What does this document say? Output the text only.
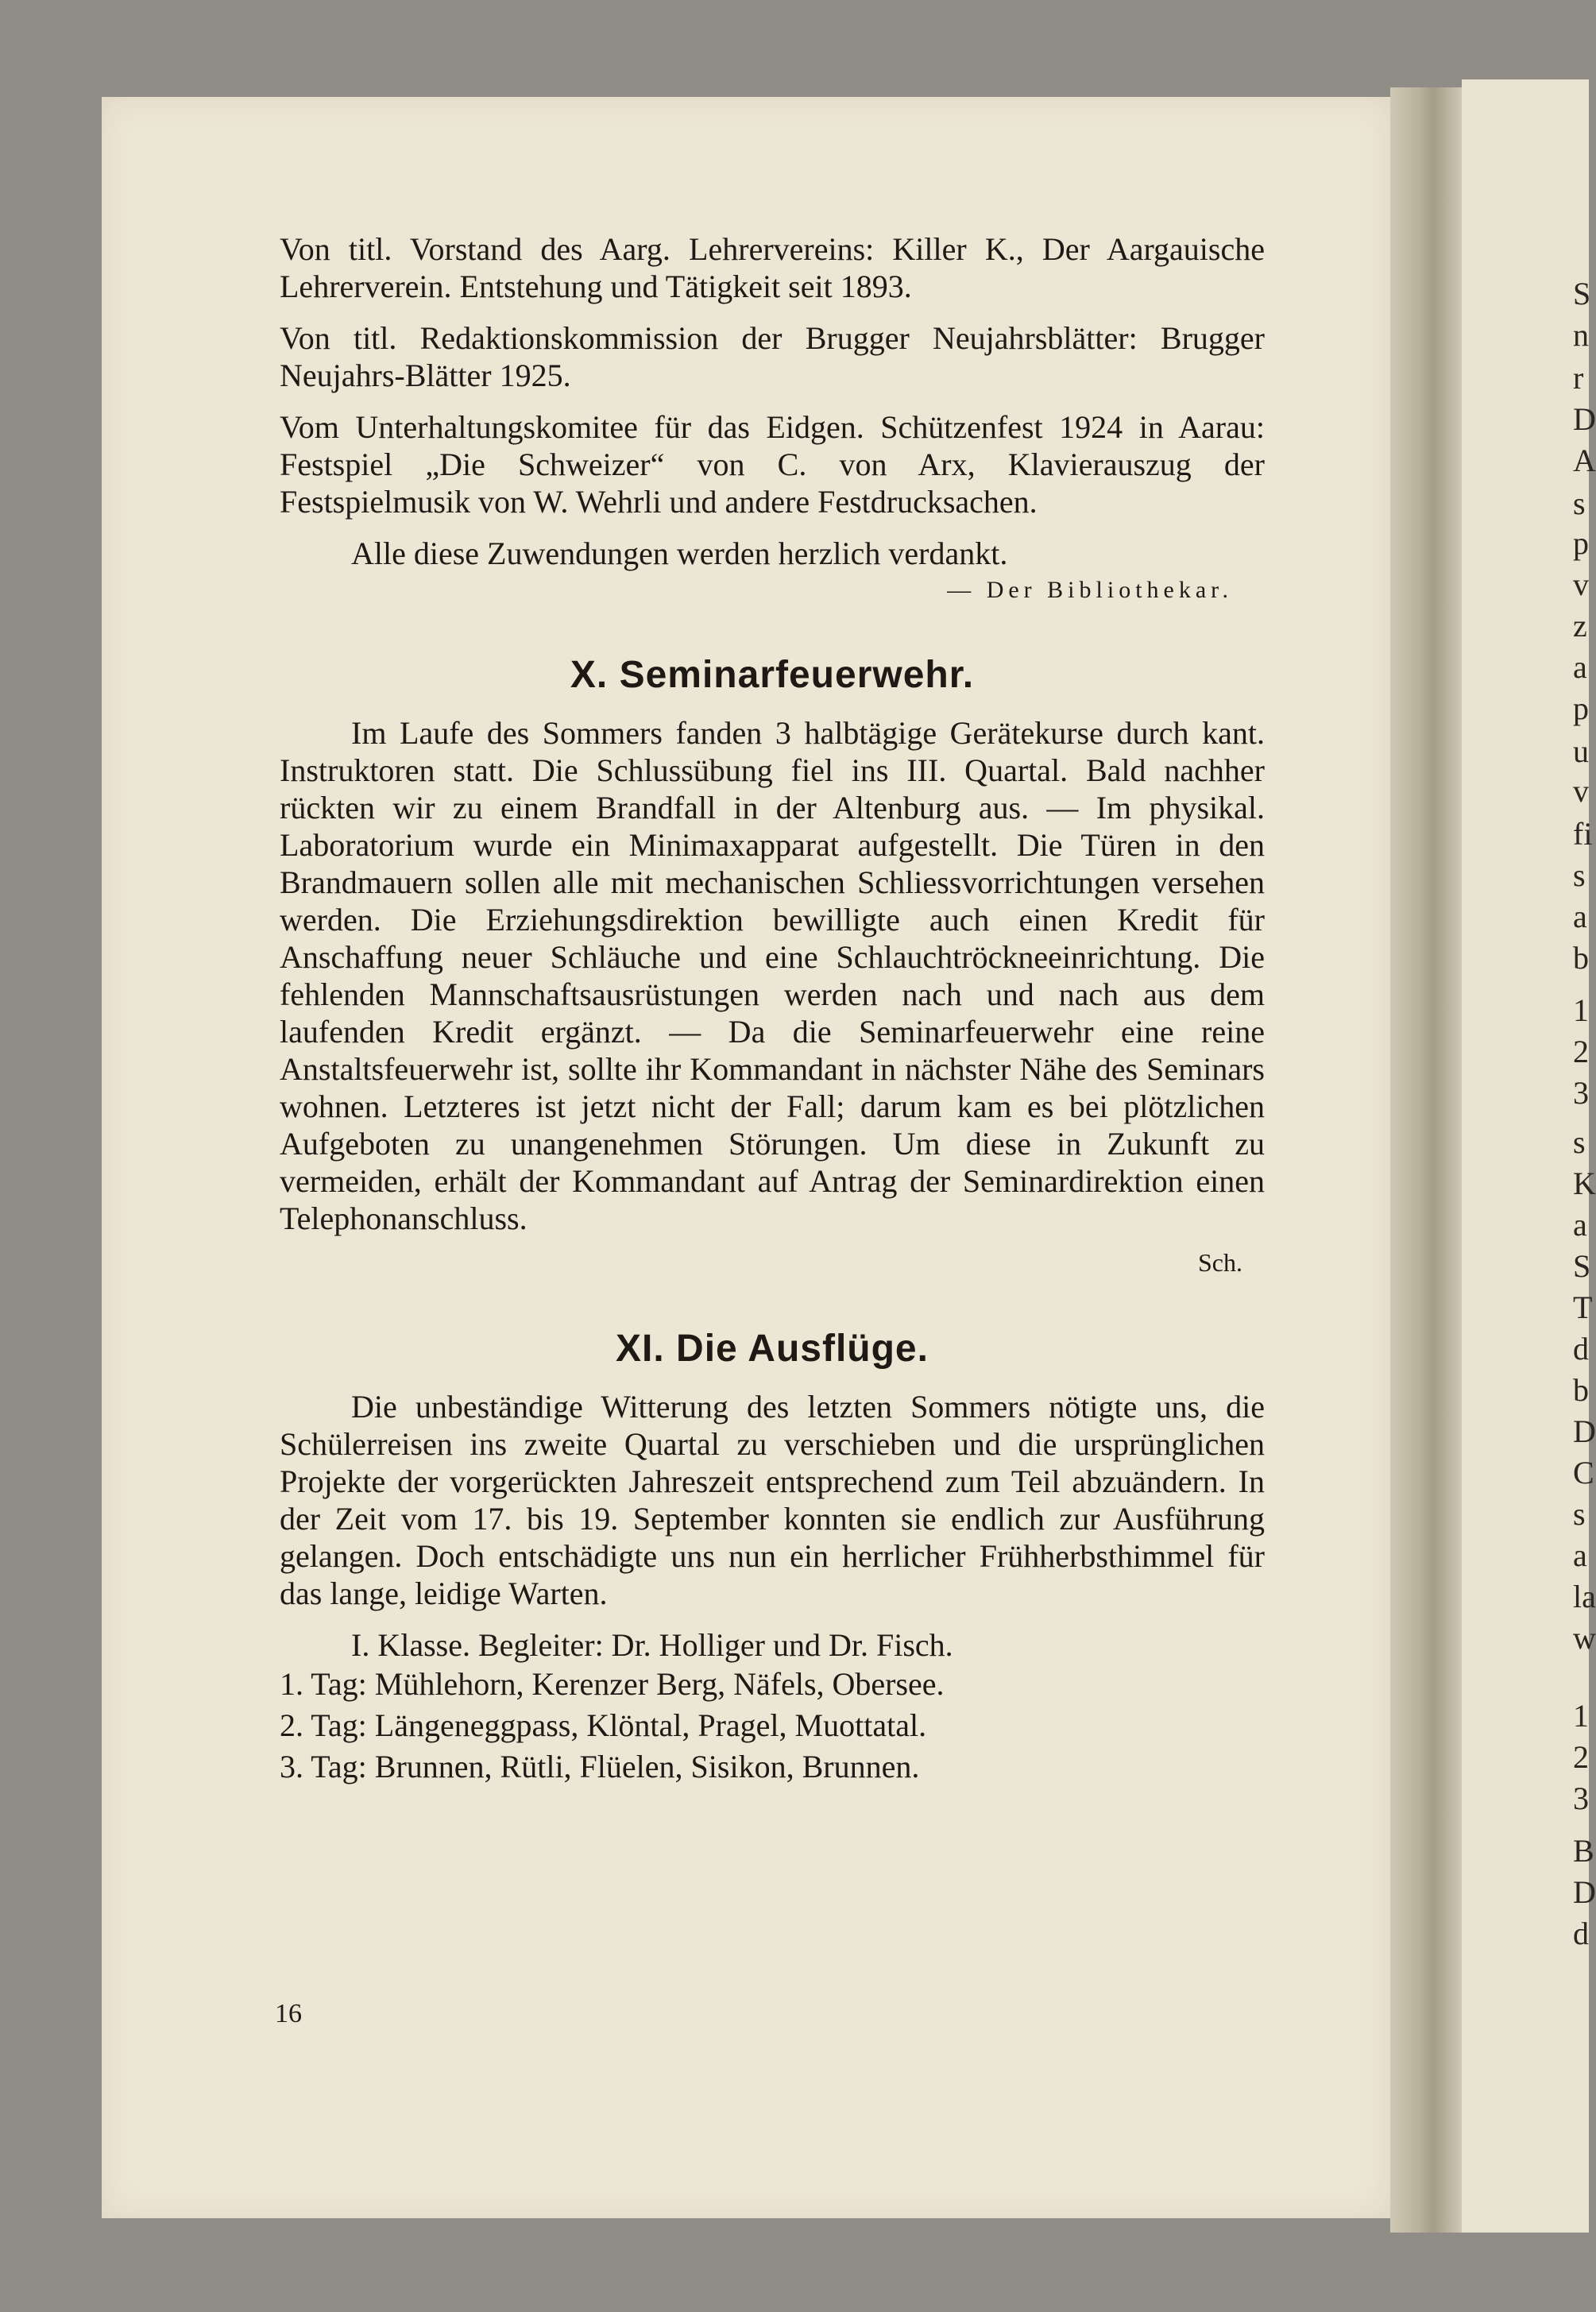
Von titl. Vorstand des Aarg. Lehrervereins: Killer K., Der Aargauische Lehrerverein. Entstehung und Tätigkeit seit 1893.

Von titl. Redaktionskommission der Brugger Neujahrsblätter: Brugger Neujahrs-Blätter 1925.

Vom Unterhaltungskomitee für das Eidgen. Schützenfest 1924 in Aarau: Festspiel „Die Schweizer“ von C. von Arx, Klavierauszug der Festspielmusik von W. Wehrli und andere Festdrucksachen.

Alle diese Zuwendungen werden herzlich verdankt.

— Der Bibliothekar.

X. Seminarfeuerwehr.

Im Laufe des Sommers fanden 3 halbtägige Gerätekurse durch kant. Instruktoren statt. Die Schlussübung fiel ins III. Quartal. Bald nachher rückten wir zu einem Brandfall in der Altenburg aus. — Im physikal. Laboratorium wurde ein Minimaxapparat aufgestellt. Die Türen in den Brandmauern sollen alle mit mechanischen Schliessvorrichtungen versehen werden. Die Erziehungsdirektion bewilligte auch einen Kredit für Anschaffung neuer Schläuche und eine Schlauchtröckneeinrichtung. Die fehlenden Mannschaftsausrüstungen werden nach und nach aus dem laufenden Kredit ergänzt. — Da die Seminarfeuerwehr eine reine Anstaltsfeuerwehr ist, sollte ihr Kommandant in nächster Nähe des Seminars wohnen. Letzteres ist jetzt nicht der Fall; darum kam es bei plötzlichen Aufgeboten zu unangenehmen Störungen. Um diese in Zukunft zu vermeiden, erhält der Kommandant auf Antrag der Seminardirektion einen Telephonanschluss.

Sch.

XI. Die Ausflüge.

Die unbeständige Witterung des letzten Sommers nötigte uns, die Schülerreisen ins zweite Quartal zu verschieben und die ursprünglichen Projekte der vorgerückten Jahreszeit entsprechend zum Teil abzuändern. In der Zeit vom 17. bis 19. September konnten sie endlich zur Ausführung gelangen. Doch entschädigte uns nun ein herrlicher Frühherbsthimmel für das lange, leidige Warten.

I. Klasse. Begleiter: Dr. Holliger und Dr. Fisch.

1. Tag: Mühlehorn, Kerenzer Berg, Näfels, Obersee.
2. Tag: Längeneggpass, Klöntal, Pragel, Muottatal.
3. Tag: Brunnen, Rütli, Flüelen, Sisikon, Brunnen.
16
S
n
r
D
A
s
p
v
z
a
p
u
v
fi
s
a
b
1
2
3
s
K
a
S
T
d
b
D
C
s
a
la
w
1
2
3
B
D
d
